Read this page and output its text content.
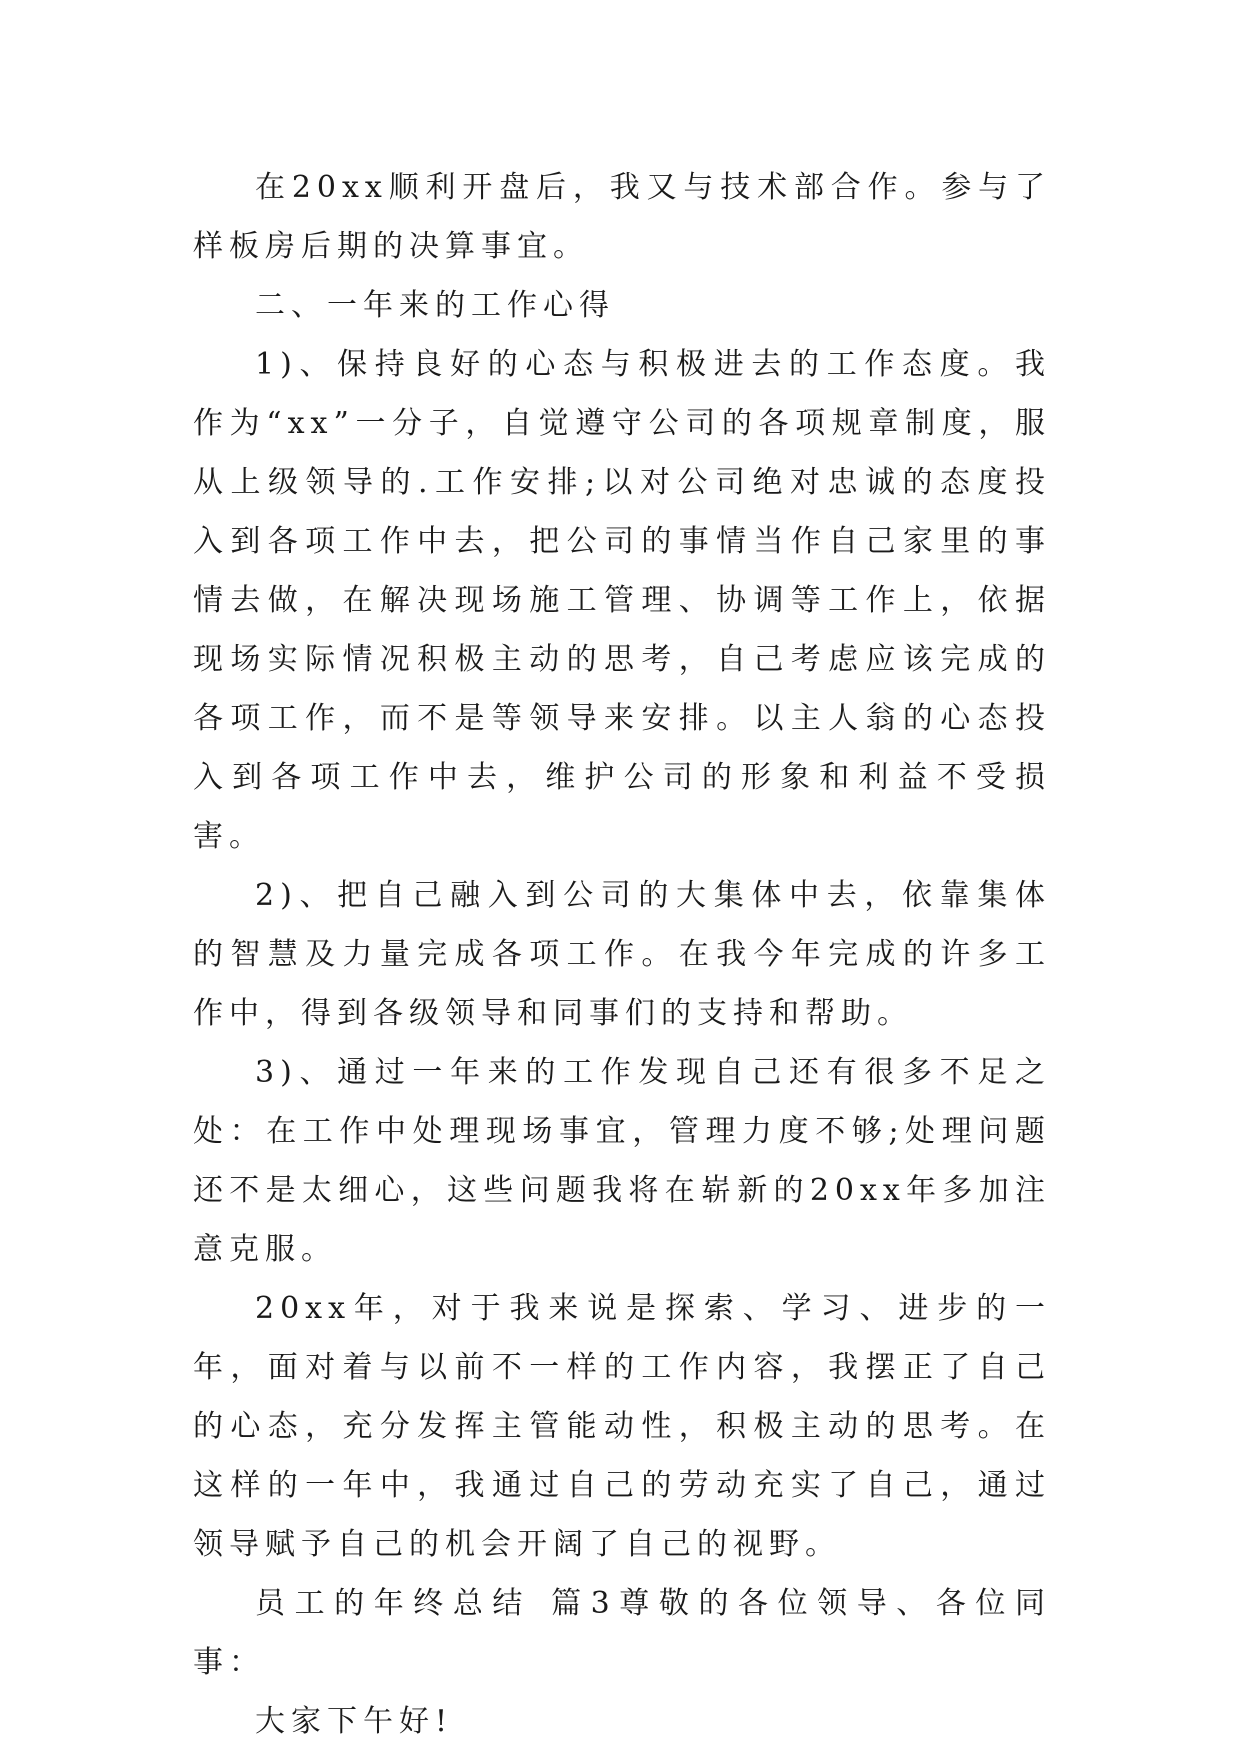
在20xx顺利开盘后，我又与技术部合作。参与了样板房后期的决算事宜。

二、一年来的工作心得

1)、保持良好的心态与积极进去的工作态度。我作为“xx”一分子，自觉遵守公司的各项规章制度，服从上级领导的.工作安排;以对公司绝对忠诚的态度投入到各项工作中去，把公司的事情当作自己家里的事情去做，在解决现场施工管理、协调等工作上，依据现场实际情况积极主动的思考，自己考虑应该完成的各项工作，而不是等领导来安排。以主人翁的心态投入到各项工作中去，维护公司的形象和利益不受损害。

2)、把自己融入到公司的大集体中去，依靠集体的智慧及力量完成各项工作。在我今年完成的许多工作中，得到各级领导和同事们的支持和帮助。

3)、通过一年来的工作发现自己还有很多不足之处：在工作中处理现场事宜，管理力度不够;处理问题还不是太细心，这些问题我将在崭新的20xx年多加注意克服。

20xx年，对于我来说是探索、学习、进步的一年，面对着与以前不一样的工作内容，我摆正了自己的心态，充分发挥主管能动性，积极主动的思考。在这样的一年中，我通过自己的劳动充实了自己，通过领导赋予自己的机会开阔了自己的视野。

员工的年终总结 篇3尊敬的各位领导、各位同事：

大家下午好!
